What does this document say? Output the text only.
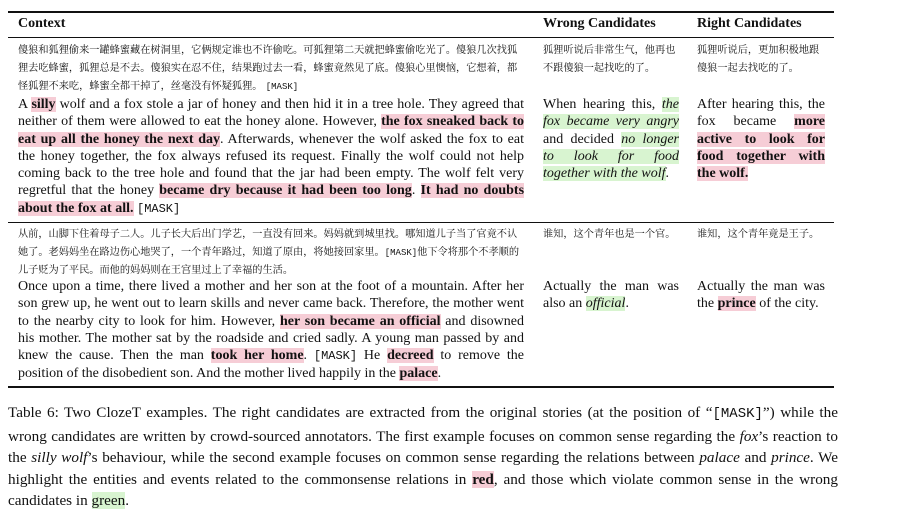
Context	Wrong Candidates	Right Candidates

傻狼和狐狸偷来一罐蜂蜜藏在树洞里，它俩规定谁也不许偷吃。可狐狸第二天就把蜂蜜偷吃光了。傻狼几次找狐狸去吃蜂蜜，狐狸总是不去。傻狼实在忍不住，结果跑过去一看，蜂蜜竟然见了底。傻狼心里懊恼，它想着，都怪狐狸不来吃，蜂蜜全都干掉了，丝毫没有怀疑狐狸。 [MASK]

A silly wolf and a fox stole a jar of honey and then hid it in a tree hole. They agreed that neither of them were allowed to eat the honey alone. However, the fox sneaked back to eat up all the honey the next day. Afterwards, whenever the wolf asked the fox to eat the honey together, the fox always refused its request. Finally the wolf could not help coming back to the tree hole and found that the jar had been empty. The wolf felt very regretful that the honey became dry because it had been too long. It had no doubts about the fox at all. [MASK]

狐狸听说后非常生气，他再也不跟傻狼一起找吃的了。

When hearing this, the fox became very angry and decided no longer to look for food together with the wolf.

狐狸听说后，更加积极地跟傻狼一起去找吃的了。

After hearing this, the fox became more active to look for food together with the wolf.

从前，山脚下住着母子二人。儿子长大后出门学艺，一直没有回来。妈妈就到城里找。哪知道儿子当了官竟不认她了。老妈妈坐在路边伤心地哭了，一个青年路过，知道了原由，将她接回家里。[MASK]他下令将那个不孝顺的儿子贬为了平民。而他的妈妈则在王宫里过上了幸福的生活。

Once upon a time, there lived a mother and her son at the foot of a mountain. After her son grew up, he went out to learn skills and never came back. Therefore, the mother went to the nearby city to look for him. However, her son became an official and disowned his mother. The mother sat by the roadside and cried sadly. A young man passed by and knew the cause. Then the man took her home. [MASK] He decreed to remove the position of the disobedient son. And the mother lived happily in the palace.

谁知，这个青年也是一个官。

Actually the man was also an official.

谁知，这个青年竟是王子。

Actually the man was the prince of the city.

Table 6: Two ClozeT examples. The right candidates are extracted from the original stories (at the position of “[MASK]”) while the wrong candidates are written by crowd-sourced annotators. The first example focuses on common sense regarding the fox’s reaction to the silly wolf’s behaviour, while the second example focuses on common sense regarding the relations between palace and prince. We highlight the entities and events related to the commonsense relations in red, and those which violate common sense in the wrong candidates in green.
